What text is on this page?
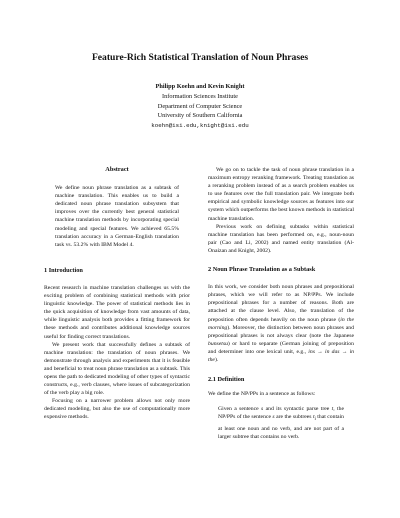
Feature-Rich Statistical Translation of Noun Phrases
Philipp Koehn and Kevin Knight
Information Sciences Institute
Department of Computer Science
University of Southern California
koehn@isi.edu,knight@isi.edu
Abstract

We define noun phrase translation as a subtask of machine translation. This enables us to build a dedicated noun phrase translation subsystem that improves over the currently best general statistical machine translation methods by incorporating special modeling and special features. We achieved 65.5% translation accuracy in a German-English translation task vs. 53.2% with IBM Model 4.

1 Introduction

Recent research in machine translation challenges us with the exciting problem of combining statistical methods with prior linguistic knowledge. The power of statistical methods lies in the quick acquisition of knowledge from vast amounts of data, while linguistic analysis both provides a fitting framework for these methods and contributes additional knowledge sources useful for finding correct translations.

We present work that successfully defines a subtask of machine translation: the translation of noun phrases. We demonstrate through analysis and experiments that it is feasible and beneficial to treat noun phrase translation as a subtask. This opens the path to dedicated modeling of other types of syntactic constructs, e.g., verb clauses, where issues of subcategorization of the verb play a big role.

Focusing on a narrower problem allows not only more dedicated modeling, but also the use of computationally more expensive methods.

We go on to tackle the task of noun phrase translation in a maximum entropy reranking framework. Treating translation as a reranking problem instead of as a search problem enables us to use features over the full translation pair. We integrate both empirical and symbolic knowledge sources as features into our system which outperforms the best known methods in statistical machine translation.

Previous work on defining subtasks within statistical machine translation has been performed on, e.g., noun-noun pair (Cao and Li, 2002) and named entity translation (Al-Onaizan and Knight, 2002).

2 Noun Phrase Translation as a Subtask

In this work, we consider both noun phrases and prepositional phrases, which we will refer to as NP/PPs. We include prepositional phrases for a number of reasons. Both are attached at the clause level. Also, the translation of the preposition often depends heavily on the noun phrase (in the morning). Moreover, the distinction between noun phrases and prepositional phrases is not always clear (note the Japanese bunsetsu) or hard to separate (German joining of preposition and determiner into one lexical unit, e.g., ins → in das → in the).

2.1 Definition

We define the NP/PPs in a sentence as follows:

Given a sentence s and its syntactic parse tree t, the NP/PPs of the sentence s are the subtrees $t_i$ that contain at least one noun and no verb, and are not part of a larger subtree that contains no verb.
